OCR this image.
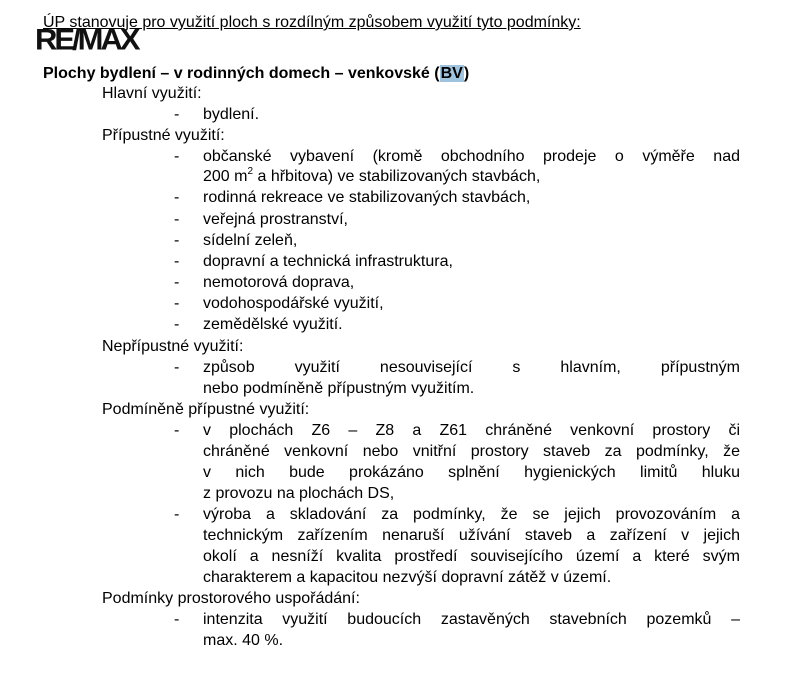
ÚP stanovuje pro využití ploch s rozdílným způsobem využití tyto podmínky:
RE/MAX
Plochy bydlení – v rodinných domech – venkovské (BV)
Hlavní využití:
- bydlení.
Přípustné využití:
- občanské vybavení (kromě obchodního prodeje o výměře nad
200 $m^2$ a hřbitova) ve stabilizovaných stavbách,
- rodinná rekreace ve stabilizovaných stavbách,
- veřejná prostranství,
- sídelní zeleň,
- dopravní a technická infrastruktura,
- nemotorová doprava,
- vodohospodářské využití,
- zemědělské využití.
Nepřípustné využití:
- způsob využití nesouvisející s hlavním, přípustným
nebo podmíněně přípustným využitím.
Podmíněně přípustné využití:
- v plochách Z6 – Z8 a Z61 chráněné venkovní prostory či
chráněné venkovní nebo vnitřní prostory staveb za podmínky, že
v nich bude prokázáno splnění hygienických limitů hluku
z provozu na plochách DS,
- výroba a skladování za podmínky, že se jejich provozováním a
technickým zařízením nenaruší užívání staveb a zařízení v jejich
okolí a nesníží kvalita prostředí souvisejícího území a které svým
charakterem a kapacitou nezvýší dopravní zátěž v území.
Podmínky prostorového uspořádání:
- intenzita využití budoucích zastavěných stavebních pozemků –
max. 40 %.
